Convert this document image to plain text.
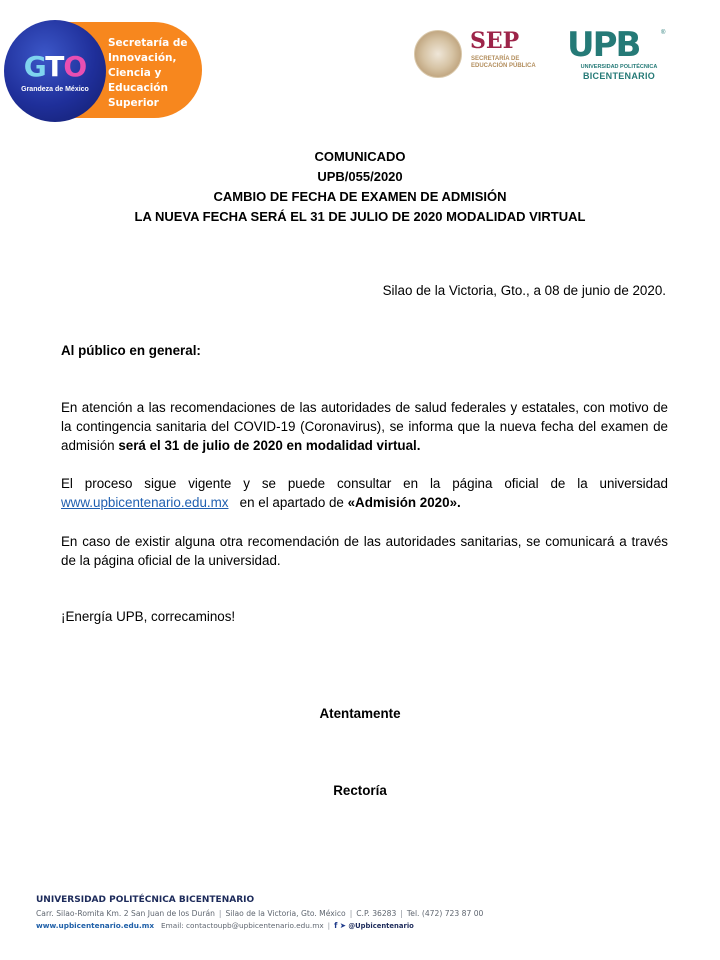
GTO
Grandeza de México
Secretaría de Innovación, Ciencia y Educación Superior
SEP
SECRETARÍA DE EDUCACIÓN PÚBLICA
UPB	®
UNIVERSIDAD POLITÉCNICA
BICENTENARIO
COMUNICADO
UPB/055/2020
CAMBIO DE FECHA DE EXAMEN DE ADMISIÓN
LA NUEVA FECHA SERÁ EL 31 DE JULIO DE 2020 MODALIDAD VIRTUAL
Silao de la Victoria, Gto., a 08 de junio de 2020.
Al público en general:

En atención a las recomendaciones de las autoridades de salud federales y estatales, con motivo de la contingencia sanitaria del COVID-19 (Coronavirus), se informa que la nueva fecha del examen de admisión será el 31 de julio de 2020 en modalidad virtual.

El proceso sigue vigente y se puede consultar en la página oficial de la universidad www.upbicentenario.edu.mx   en el apartado de «Admisión 2020».

En caso de existir alguna otra recomendación de las autoridades sanitarias, se comunicará a través de la página oficial de la universidad.

¡Energía UPB, correcaminos!
Atentamente
Rectoría
UNIVERSIDAD POLITÉCNICA BICENTENARIO
Carr. Silao-Romita Km. 2 San Juan de los Durán | Silao de la Victoria, Gto. México | C.P. 36283 | Tel. (472) 723 87 00
www.upbicentenario.edu.mx Email: contactoupb@upbicentenario.edu.mx | f ➤ @Upbicentenario
